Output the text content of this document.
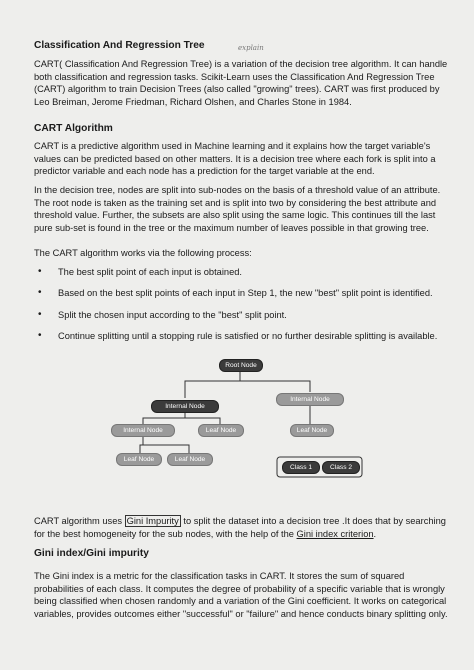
Classification And Regression Tree	explain
CART( Classification And Regression Tree) is a variation of the decision tree algorithm. It can handle both classification and regression tasks. Scikit-Learn uses the Classification And Regression Tree (CART) algorithm to train Decision Trees (also called "growing" trees). CART was first produced by Leo Breiman, Jerome Friedman, Richard Olshen, and Charles Stone in 1984.
CART Algorithm
CART is a predictive algorithm used in Machine learning and it explains how the target variable's values can be predicted based on other matters. It is a decision tree where each fork is split into a predictor variable and each node has a prediction for the target variable at the end.
In the decision tree, nodes are split into sub-nodes on the basis of a threshold value of an attribute. The root node is taken as the training set and is split into two by considering the best attribute and threshold value. Further, the subsets are also split using the same logic. This continues till the last pure sub-set is found in the tree or the maximum number of leaves possible in that growing tree.
The CART algorithm works via the following process:
• The best split point of each input is obtained.
• Based on the best split points of each input in Step 1, the new "best" split point is identified.
• Split the chosen input according to the "best" split point.
• Continue splitting until a stopping rule is satisfied or no further desirable splitting is available.
Root Node
Internal Node
Internal Node
Internal Node	Leaf Node	Leaf Node
Leaf Node	Leaf Node
Class 1	Class 2
CART algorithm uses Gini Impurity to split the dataset into a decision tree .It does that by searching for the best homogeneity for the sub nodes, with the help of the Gini index criterion.
Gini index/Gini impurity
The Gini index is a metric for the classification tasks in CART. It stores the sum of squared probabilities of each class. It computes the degree of probability of a specific variable that is wrongly being classified when chosen randomly and a variation of the Gini coefficient. It works on categorical variables, provides outcomes either "successful" or "failure" and hence conducts binary splitting only.
